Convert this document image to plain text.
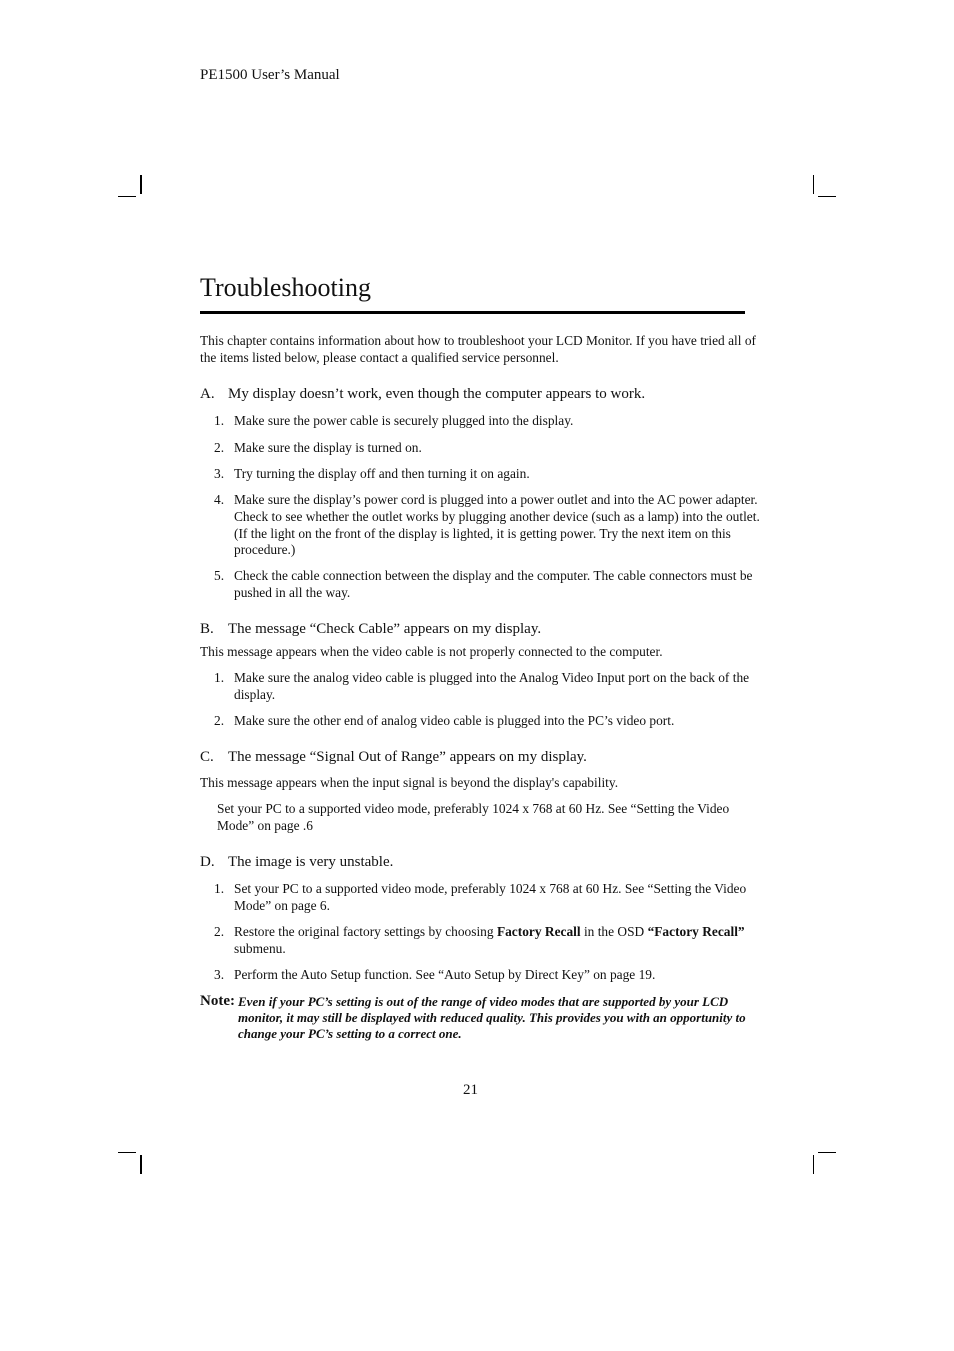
PE1500 User’s Manual
Troubleshooting
This chapter contains information about how to troubleshoot your LCD Monitor. If you have tried all of the items listed below, please contact a qualified service personnel.
A. My display doesn’t work, even though the computer appears to work.
1. Make sure the power cable is securely plugged into the display.
2. Make sure the display is turned on.
3. Try turning the display off and then turning it on again.
4. Make sure the display’s power cord is plugged into a power outlet and into the AC power adapter. Check to see whether the outlet works by plugging another device (such as a lamp) into the outlet. (If the light on the front of the display is lighted, it is getting power. Try the next item on this procedure.)
5. Check the cable connection between the display and the computer. The cable connectors must be pushed in all the way.
B. The message “Check Cable” appears on my display.
This message appears when the video cable is not properly connected to the computer.
1. Make sure the analog video cable is plugged into the Analog Video Input port on the back of the display.
2. Make sure the other end of analog video cable is plugged into the PC’s video port.
C. The message “Signal Out of Range” appears on my display.
This message appears when the input signal is beyond the display's capability.
Set your PC to a supported video mode, preferably 1024 x 768 at 60 Hz. See “Setting the Video Mode” on page .6
D. The image is very unstable.
1. Set your PC to a supported video mode, preferably 1024 x 768 at 60 Hz. See “Setting the Video Mode” on page 6.
2. Restore the original factory settings by choosing Factory Recall in the OSD “Factory Recall” submenu.
3. Perform the Auto Setup function. See “Auto Setup by Direct Key” on page 19.
Note: Even if your PC’s setting is out of the range of video modes that are supported by your LCD monitor, it may still be displayed with reduced quality. This provides you with an opportunity to change your PC’s setting to a correct one.
21
